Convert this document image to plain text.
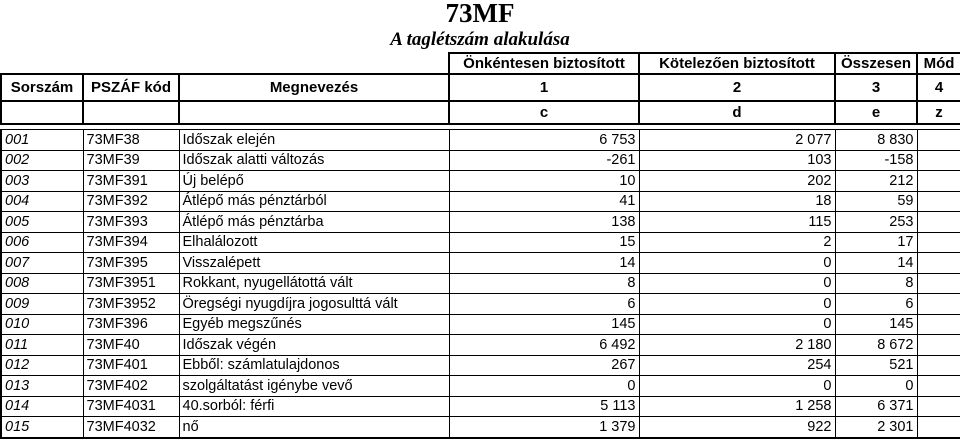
73MF
A taglétszám alakulása
			Önkéntesen biztosított	Kötelezően biztosított	Összesen	Mód
Sorszám	PSZÁF kód	Megnevezés	1	2	3	4
			c	d	e	z

001	73MF38	Időszak elején	6 753	2 077	8 830	
002	73MF39	Időszak alatti változás	-261	103	-158	
003	73MF391	Új belépő	10	202	212	
004	73MF392	Átlépő más pénztárból	41	18	59	
005	73MF393	Átlépő más pénztárba	138	115	253	
006	73MF394	Elhalálozott	15	2	17	
007	73MF395	Visszalépett	14	0	14	
008	73MF3951	Rokkant, nyugellátottá vált	8	0	8	
009	73MF3952	Öregségi nyugdíjra jogosulttá vált	6	0	6	
010	73MF396	Egyéb megszűnés	145	0	145	
011	73MF40	Időszak végén	6 492	2 180	8 672	
012	73MF401	Ebből: számlatulajdonos	267	254	521	
013	73MF402	szolgáltatást igénybe vevő	0	0	0	
014	73MF4031	40.sorból: férfi	5 113	1 258	6 371	
015	73MF4032	nő	1 379	922	2 301	
